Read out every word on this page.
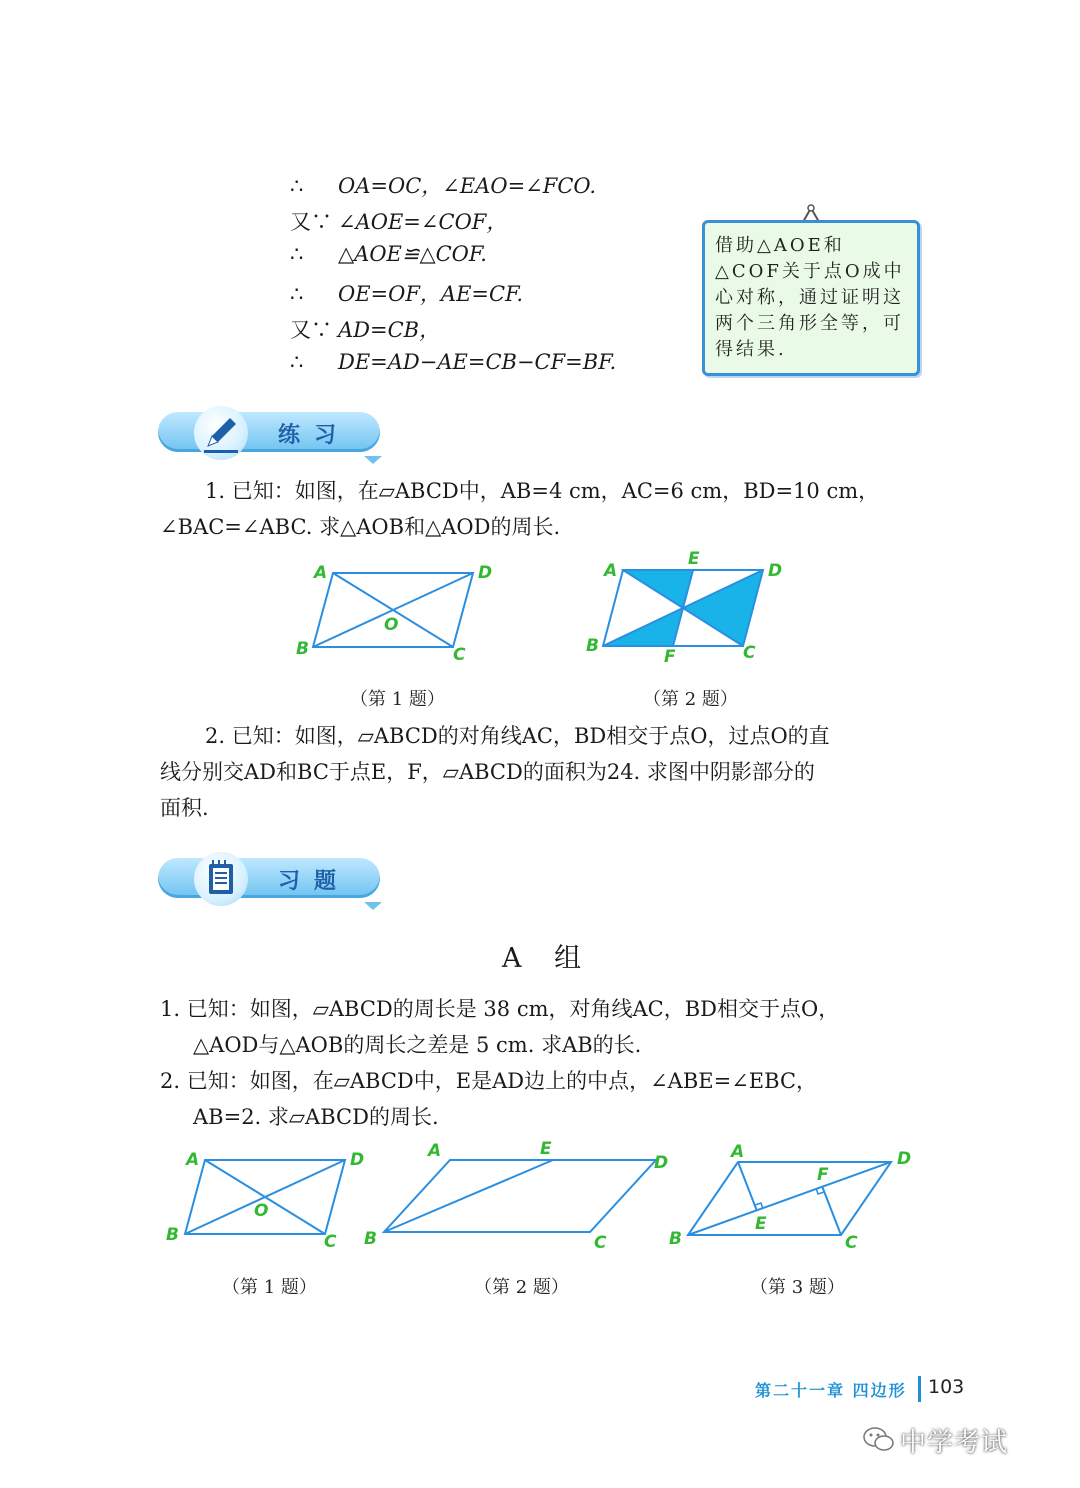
∴ OA=OC，∠EAO=∠FCO.
又∵ ∠AOE=∠COF，
∴ △AOE≌△COF.
∴ OE=OF，AE=CF.
又∵ AD=CB，
∴ DE=AD−AE=CB−CF=BF.
借助△AOE和△COF关于点O成中心对称，通过证明这两个三角形全等，可得结果.
练习
1. 已知：如图，在▱ABCD中，AB=4 cm，AC=6 cm，BD=10 cm，
∠BAC=∠ABC. 求△AOB和△AOD的周长.
A	D
B	C
O
（第 1 题）
A
E
D
B
F	C
（第 2 题）
2. 已知：如图，▱ABCD的对角线AC，BD相交于点O，过点O的直
线分别交AD和BC于点E，F，▱ABCD的面积为24. 求图中阴影部分的
面积.
习题
A 组
1. 已知：如图，▱ABCD的周长是 38 cm，对角线AC，BD相交于点O，
△AOD与△AOB的周长之差是 5 cm. 求AB的长.
2. 已知：如图，在▱ABCD中，E是AD边上的中点，∠ABE=∠EBC，
AB=2. 求▱ABCD的周长.
A	D
B	C
O
（第 1 题）
A	E
D
B	C
（第 2 题）
A
F
D
E
B	C
（第 3 题）
第二十一章 四边形 103
中学考试
